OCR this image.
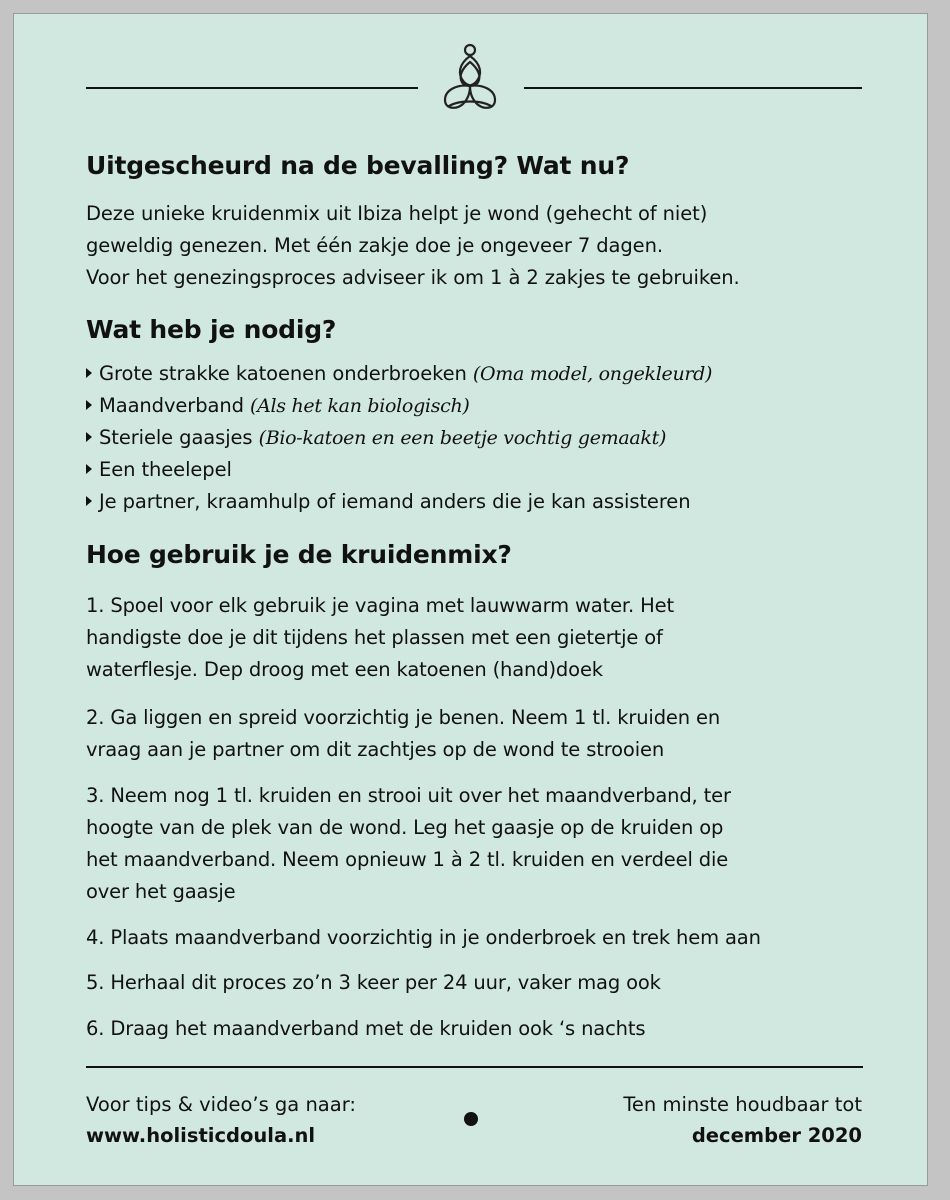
Uitgescheurd na de bevalling? Wat nu?
Deze unieke kruidenmix uit Ibiza helpt je wond (gehecht of niet)
geweldig genezen. Met één zakje doe je ongeveer 7 dagen.
Voor het genezingsproces adviseer ik om 1 à 2 zakjes te gebruiken.
Wat heb je nodig?
Grote strakke katoenen onderbroeken (Oma model, ongekleurd)
Maandverband (Als het kan biologisch)
Steriele gaasjes (Bio-katoen en een beetje vochtig gemaakt)
Een theelepel
Je partner, kraamhulp of iemand anders die je kan assisteren
Hoe gebruik je de kruidenmix?
1. Spoel voor elk gebruik je vagina met lauwwarm water. Het
handigste doe je dit tijdens het plassen met een gietertje of
waterflesje. Dep droog met een katoenen (hand)doek
2. Ga liggen en spreid voorzichtig je benen. Neem 1 tl. kruiden en
vraag aan je partner om dit zachtjes op de wond te strooien
3. Neem nog 1 tl. kruiden en strooi uit over het maandverband, ter
hoogte van de plek van de wond. Leg het gaasje op de kruiden op
het maandverband. Neem opnieuw 1 à 2 tl. kruiden en verdeel die
over het gaasje
4. Plaats maandverband voorzichtig in je onderbroek en trek hem aan
5. Herhaal dit proces zo’n 3 keer per 24 uur, vaker mag ook
6. Draag het maandverband met de kruiden ook ‘s nachts
Voor tips & video’s ga naar:
www.holisticdoula.nl
Ten minste houdbaar tot
december 2020
